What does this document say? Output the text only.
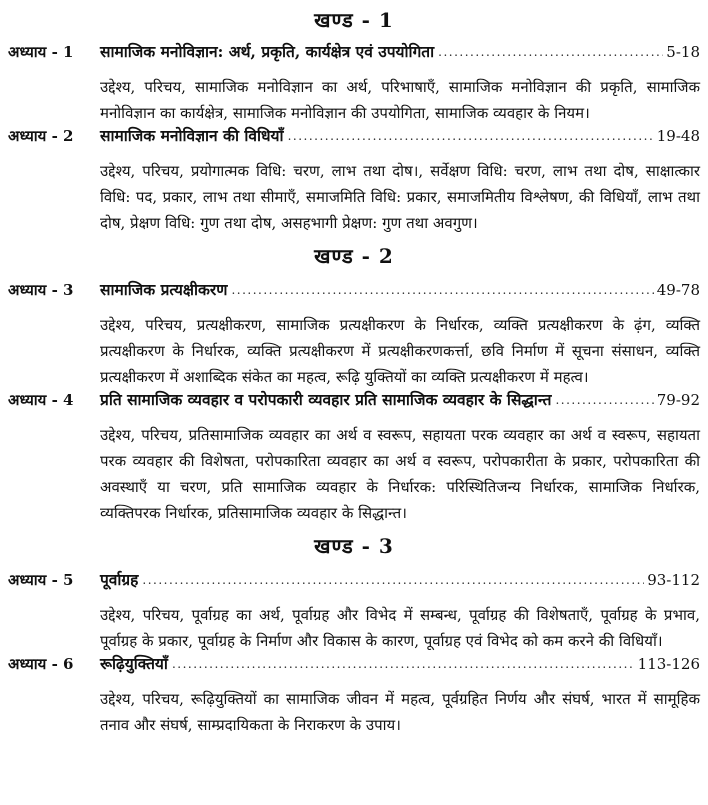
खण्ड - 1
अध्याय - 1	सामाजिक मनोविज्ञान: अर्थ, प्रकृति, कार्यक्षेत्र एवं उपयोगिता .....	5-18

उद्देश्य, परिचय, सामाजिक मनोविज्ञान का अर्थ, परिभाषाएँ, सामाजिक मनोविज्ञान की प्रकृति, सामाजिक मनोविज्ञान का कार्यक्षेत्र, सामाजिक मनोविज्ञान की उपयोगिता, सामाजिक व्यवहार के नियम।

अध्याय - 2	सामाजिक मनोविज्ञान की विधियाँ .....	19-48

उद्देश्य, परिचय, प्रयोगात्मक विधि: चरण, लाभ तथा दोष।, सर्वेक्षण विधि: चरण, लाभ तथा दोष, साक्षात्कार विधि: पद, प्रकार, लाभ तथा सीमाएँ, समाजमिति विधि: प्रकार, समाजमितीय विश्लेषण, की विधियाँ, लाभ तथा दोष, प्रेक्षण विधि: गुण तथा दोष, असहभागी प्रेक्षण: गुण तथा अवगुण।

खण्ड - 2
अध्याय - 3	सामाजिक प्रत्यक्षीकरण .....	49-78

उद्देश्य, परिचय, प्रत्यक्षीकरण, सामाजिक प्रत्यक्षीकरण के निर्धारक, व्यक्ति प्रत्यक्षीकरण के ढ़ंग, व्यक्ति प्रत्यक्षीकरण के निर्धारक, व्यक्ति प्रत्यक्षीकरण में प्रत्यक्षीकरणकर्त्ता, छवि निर्माण में सूचना संसाधन, व्यक्ति प्रत्यक्षीकरण में अशाब्दिक संकेत का महत्व, रूढ़ि युक्तियों का व्यक्ति प्रत्यक्षीकरण में महत्व।

अध्याय - 4	प्रति सामाजिक व्यवहार व परोपकारी व्यवहार प्रति सामाजिक व्यवहार के सिद्धान्त .....	79-92

उद्देश्य, परिचय, प्रतिसामाजिक व्यवहार का अर्थ व स्वरूप, सहायता परक व्यवहार का अर्थ व स्वरूप, सहायता परक व्यवहार की विशेषता, परोपकारिता व्यवहार का अर्थ व स्वरूप, परोपकारीता के प्रकार, परोपकारिता की अवस्थाएँ या चरण, प्रति सामाजिक व्यवहार के निर्धारक: परिस्थितिजन्य निर्धारक, सामाजिक निर्धारक, व्यक्तिपरक निर्धारक, प्रतिसामाजिक व्यवहार के सिद्धान्त।

खण्ड - 3
अध्याय - 5	पूर्वाग्रह .....	93-112

उद्देश्य, परिचय, पूर्वाग्रह का अर्थ, पूर्वाग्रह और विभेद में सम्बन्ध, पूर्वाग्रह की विशेषताएँ, पूर्वाग्रह के प्रभाव, पूर्वाग्रह के प्रकार, पूर्वाग्रह के निर्माण और विकास के कारण, पूर्वाग्रह एवं विभेद को कम करने की विधियाँ।

अध्याय - 6	रूढ़ियुक्तियाँ .....	113-126

उद्देश्य, परिचय, रूढ़ियुक्तियों का सामाजिक जीवन में महत्व, पूर्वग्रहित निर्णय और संघर्ष, भारत में सामूहिक तनाव और संघर्ष, साम्प्रदायिकता के निराकरण के उपाय।
